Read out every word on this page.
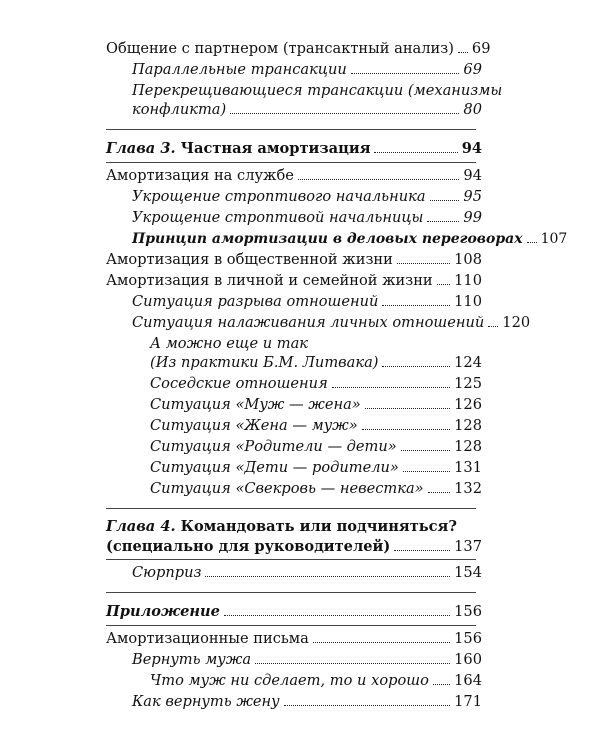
Общение с партнером (трансактный анализ) 69
Параллельные трансакции	69
Перекрещивающиеся трансакции (механизмы
конфликта)	80
Глава 3. Частная амортизация	94
Амортизация на службе	94
Укрощение строптивого начальника	95
Укрощение строптивой начальницы	99
Принцип амортизации в деловых переговорах 107
Амортизация в общественной жизни	108
Амортизация в личной и семейной жизни 110
Ситуация разрыва отношений	110
Ситуация налаживания личных отношений 120
А можно еще и так
(Из практики Б.М. Литвака)	124
Соседские отношения	125
Ситуация «Муж — жена»	126
Ситуация «Жена — муж»	128
Ситуация «Родители — дети»	128
Ситуация «Дети — родители»	131
Ситуация «Свекровь — невестка» 132
Глава 4. Командовать или подчиняться?
(специально для руководителей)	137
Сюрприз	154
Приложение	156
Амортизационные письма	156
Вернуть мужа	160
Что муж ни сделает, то и хорошо 164
Как вернуть жену	171
